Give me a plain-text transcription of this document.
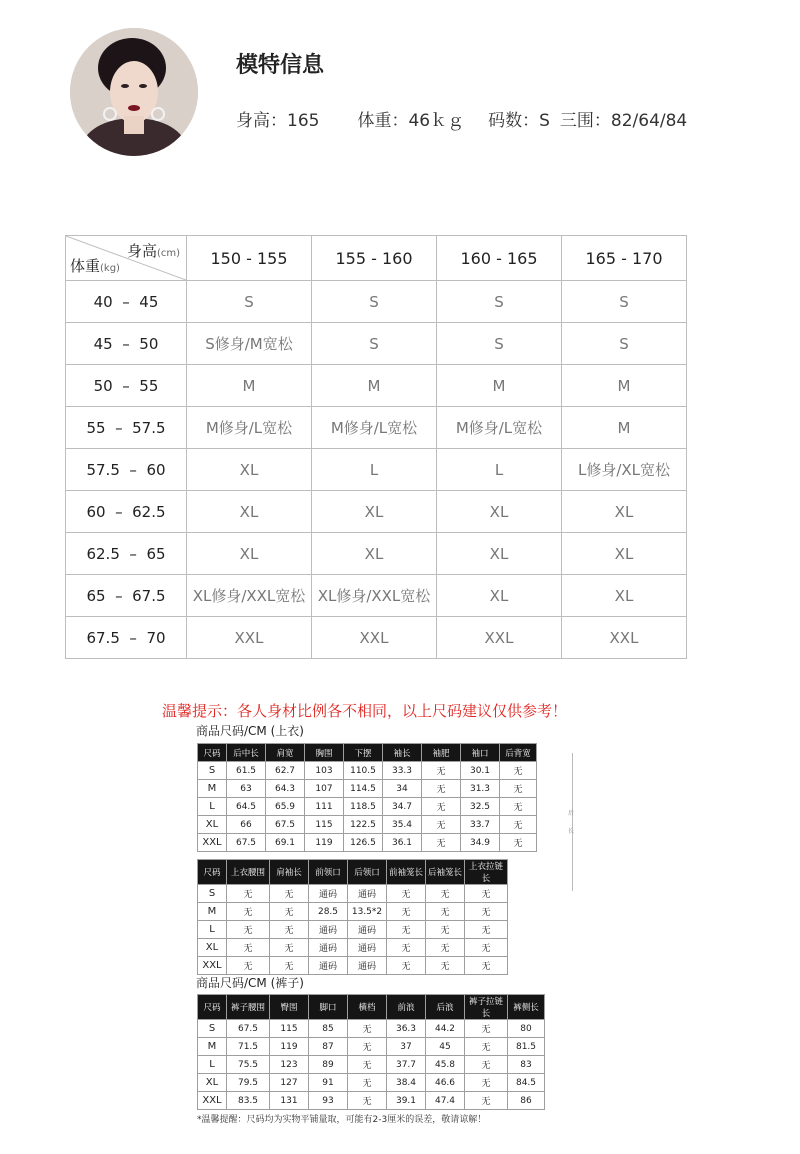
模特信息
身高：165 体重：46ｋｇ 码数：S 三围：82/64/84
身高(cm)
体重(kg)	150 - 155	155 - 160	160 - 165	165 - 170
40  –  45	S	S	S	S
45  –  50	S修身/M宽松	S	S	S
50  –  55	M	M	M	M
55  –  57.5	M修身/L宽松	M修身/L宽松	M修身/L宽松	M
57.5  –  60	XL	L	L	L修身/XL宽松
60  –  62.5	XL	XL	XL	XL
62.5  –  65	XL	XL	XL	XL
65  –  67.5	XL修身/XXL宽松	XL修身/XXL宽松	XL	XL
67.5  –  70	XXL	XXL	XXL	XXL
温馨提示：各人身材比例各不相同，以上尺码建议仅供参考！
商品尺码/CM (上衣)
尺码	后中长	肩宽	胸围	下摆	袖长	袖肥	袖口	后背宽
S	61.5	62.7	103	110.5	33.3	无	30.1	无
M	63	64.3	107	114.5	34	无	31.3	无
L	64.5	65.9	111	118.5	34.7	无	32.5	无
XL	66	67.5	115	122.5	35.4	无	33.7	无
XXL	67.5	69.1	119	126.5	36.1	无	34.9	无
后
长
尺码	上衣腰围	肩袖长	前领口	后领口	前袖笼长	后袖笼长	上衣拉链长
S	无	无	通码	通码	无	无	无
M	无	无	28.5	13.5*2	无	无	无
L	无	无	通码	通码	无	无	无
XL	无	无	通码	通码	无	无	无
XXL	无	无	通码	通码	无	无	无
商品尺码/CM (裤子)
尺码	裤子腰围	臀围	脚口	横档	前浪	后浪	裤子拉链长	裤侧长
S	67.5	115	85	无	36.3	44.2	无	80
M	71.5	119	87	无	37	45	无	81.5
L	75.5	123	89	无	37.7	45.8	无	83
XL	79.5	127	91	无	38.4	46.6	无	84.5
XXL	83.5	131	93	无	39.1	47.4	无	86
*温馨提醒：尺码均为实物平铺量取，可能有2-3厘米的误差，敬请谅解！
